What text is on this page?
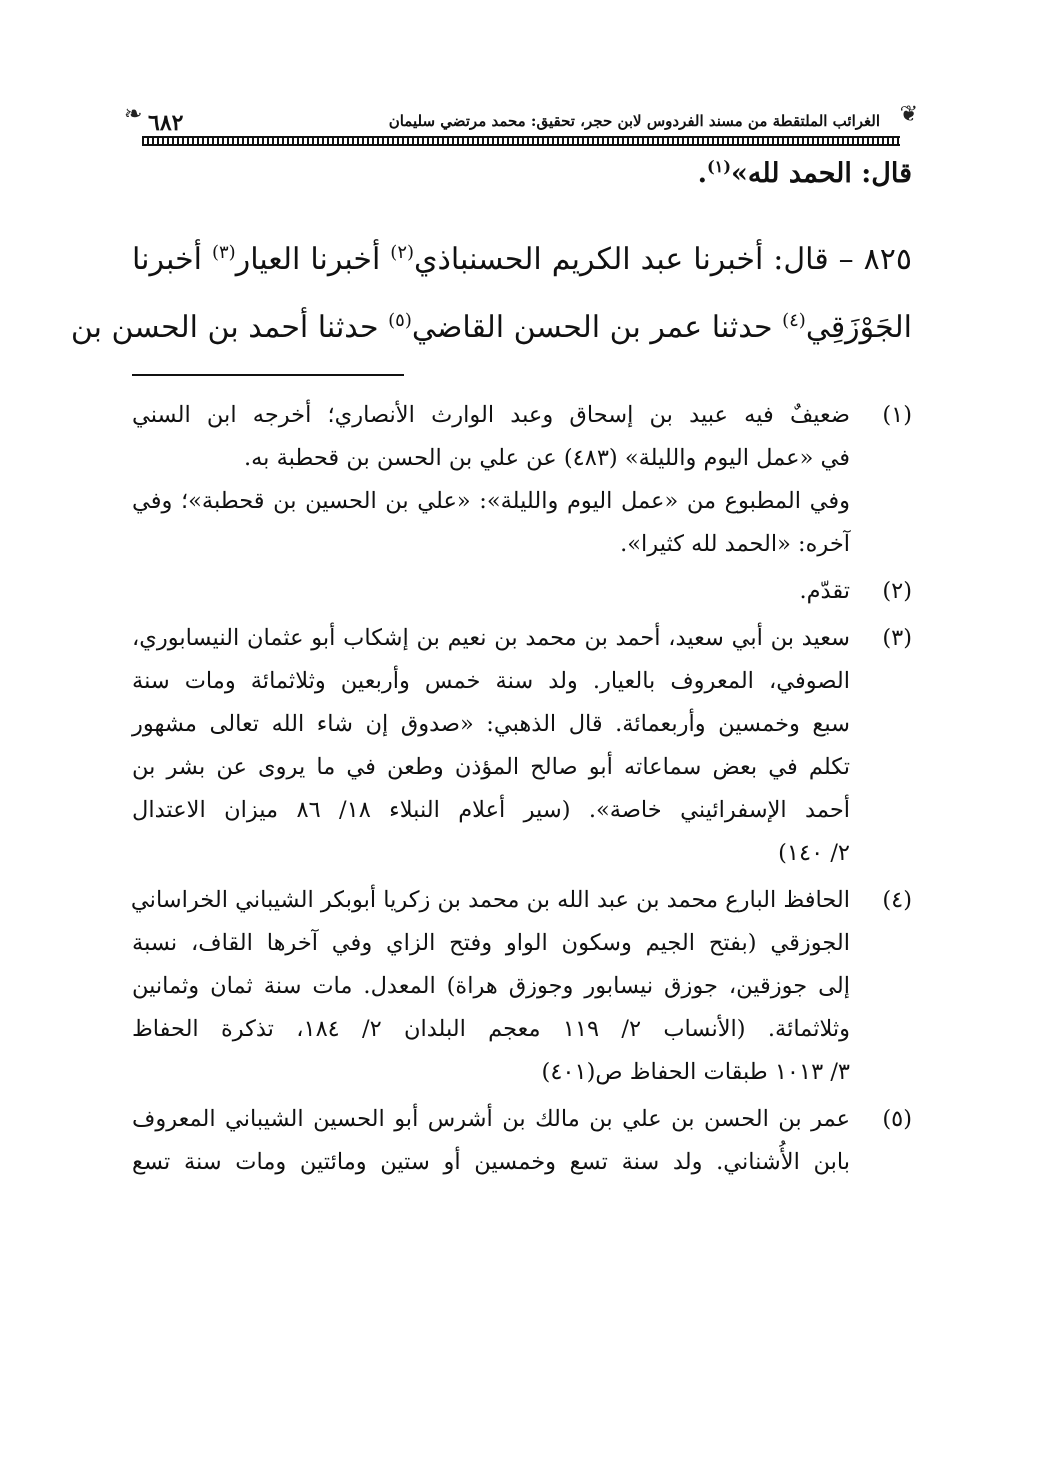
❦
الغرائب الملتقطة من مسند الفردوس لابن حجر، تحقيق: محمد مرتضي سليمان
٦٨٢
❧
قال: الحمد لله»$^{(١)}$.
٨٢٥ – قال: أخبرنا عبد الكريم الحسنباذي$^{(٢)}$ أخبرنا العيار$^{(٣)}$ أخبرنا
الجَوْزَقِي$^{(٤)}$ حدثنا عمر بن الحسن القاضي$^{(٥)}$ حدثنا أحمد بن الحسن بن
(١)
ضعيفٌ فيه عبيد بن إسحاق وعبد الوارث الأنصاري؛ أخرجه ابن السني
في «عمل اليوم والليلة» (٤٨٣) عن علي بن الحسن بن قحطبة به.
وفي المطبوع من «عمل اليوم والليلة»: «علي بن الحسين بن قحطبة»؛ وفي
آخره: «الحمد لله كثيرا».
(٢)
تقدّم.
(٣)
سعيد بن أبي سعيد، أحمد بن محمد بن نعيم بن إشكاب أبو عثمان النيسابوري،
الصوفي، المعروف بالعيار. ولد سنة خمس وأربعين وثلاثمائة ومات سنة
سبع وخمسين وأربعمائة. قال الذهبي: «صدوق إن شاء الله تعالى مشهور
تكلم في بعض سماعاته أبو صالح المؤذن وطعن في ما يروى عن بشر بن
أحمد الإسفرائيني خاصة». (سير أعلام النبلاء ١٨/ ٨٦ ميزان الاعتدال
٢/ ١٤٠)
(٤)
الحافظ البارع محمد بن عبد الله بن محمد بن زكريا أبوبكر الشيباني الخراساني
الجوزقي (بفتح الجيم وسكون الواو وفتح الزاي وفي آخرها القاف، نسبة
إلى جوزقين، جوزق نيسابور وجوزق هراة) المعدل. مات سنة ثمان وثمانين
وثلاثمائة. (الأنساب ٢/ ١١٩ معجم البلدان ٢/ ١٨٤، تذكرة الحفاظ
٣/ ١٠١٣ طبقات الحفاظ ص(٤٠١)
(٥)
عمر بن الحسن بن علي بن مالك بن أشرس أبو الحسين الشيباني المعروف
بابن الأُشناني. ولد سنة تسع وخمسين أو ستين ومائتين ومات سنة تسع
